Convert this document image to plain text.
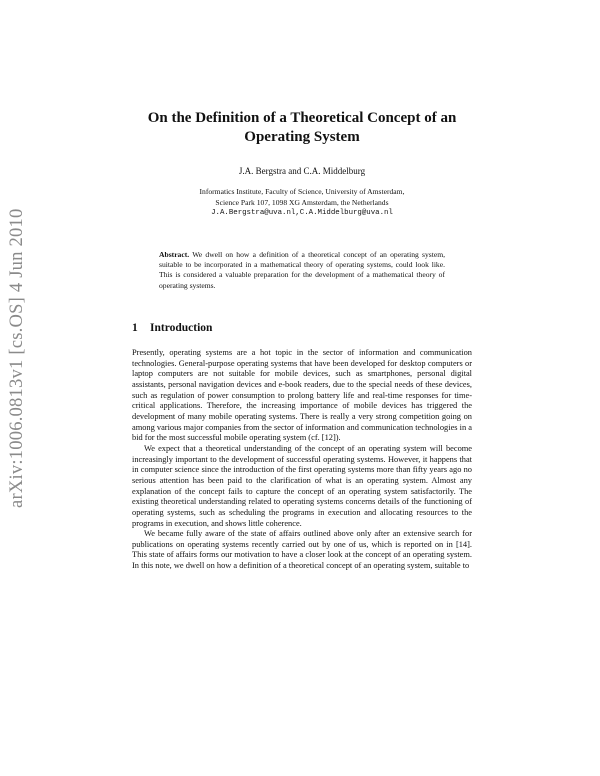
arXiv:1006.0813v1 [cs.OS] 4 Jun 2010
On the Definition of a Theoretical Concept of an Operating System
J.A. Bergstra and C.A. Middelburg
Informatics Institute, Faculty of Science, University of Amsterdam,
Science Park 107, 1098 XG Amsterdam, the Netherlands
J.A.Bergstra@uva.nl,C.A.Middelburg@uva.nl
Abstract. We dwell on how a definition of a theoretical concept of an operating system, suitable to be incorporated in a mathematical theory of operating systems, could look like. This is considered a valuable preparation for the development of a mathematical theory of operating systems.
1 Introduction

Presently, operating systems are a hot topic in the sector of information and communication technologies. General-purpose operating systems that have been developed for desktop computers or laptop computers are not suitable for mobile devices, such as smartphones, personal digital assistants, personal navigation devices and e-book readers, due to the special needs of these devices, such as regulation of power consumption to prolong battery life and real-time responses for time-critical applications. Therefore, the increasing importance of mobile devices has triggered the development of many mobile operating systems. There is really a very strong competition going on among various major companies from the sector of information and communication technologies in a bid for the most successful mobile operating system (cf. [12]).

We expect that a theoretical understanding of the concept of an operating system will become increasingly important to the development of successful operating systems. However, it happens that in computer science since the introduction of the first operating systems more than fifty years ago no serious attention has been paid to the clarification of what is an operating system. Almost any explanation of the concept fails to capture the concept of an operating system satisfactorily. The existing theoretical understanding related to operating systems concerns details of the functioning of operating systems, such as scheduling the programs in execution and allocating resources to the programs in execution, and shows little coherence.

We became fully aware of the state of affairs outlined above only after an extensive search for publications on operating systems recently carried out by one of us, which is reported on in [14]. This state of affairs forms our motivation to have a closer look at the concept of an operating system. In this note, we dwell on how a definition of a theoretical concept of an operating system, suitable to
